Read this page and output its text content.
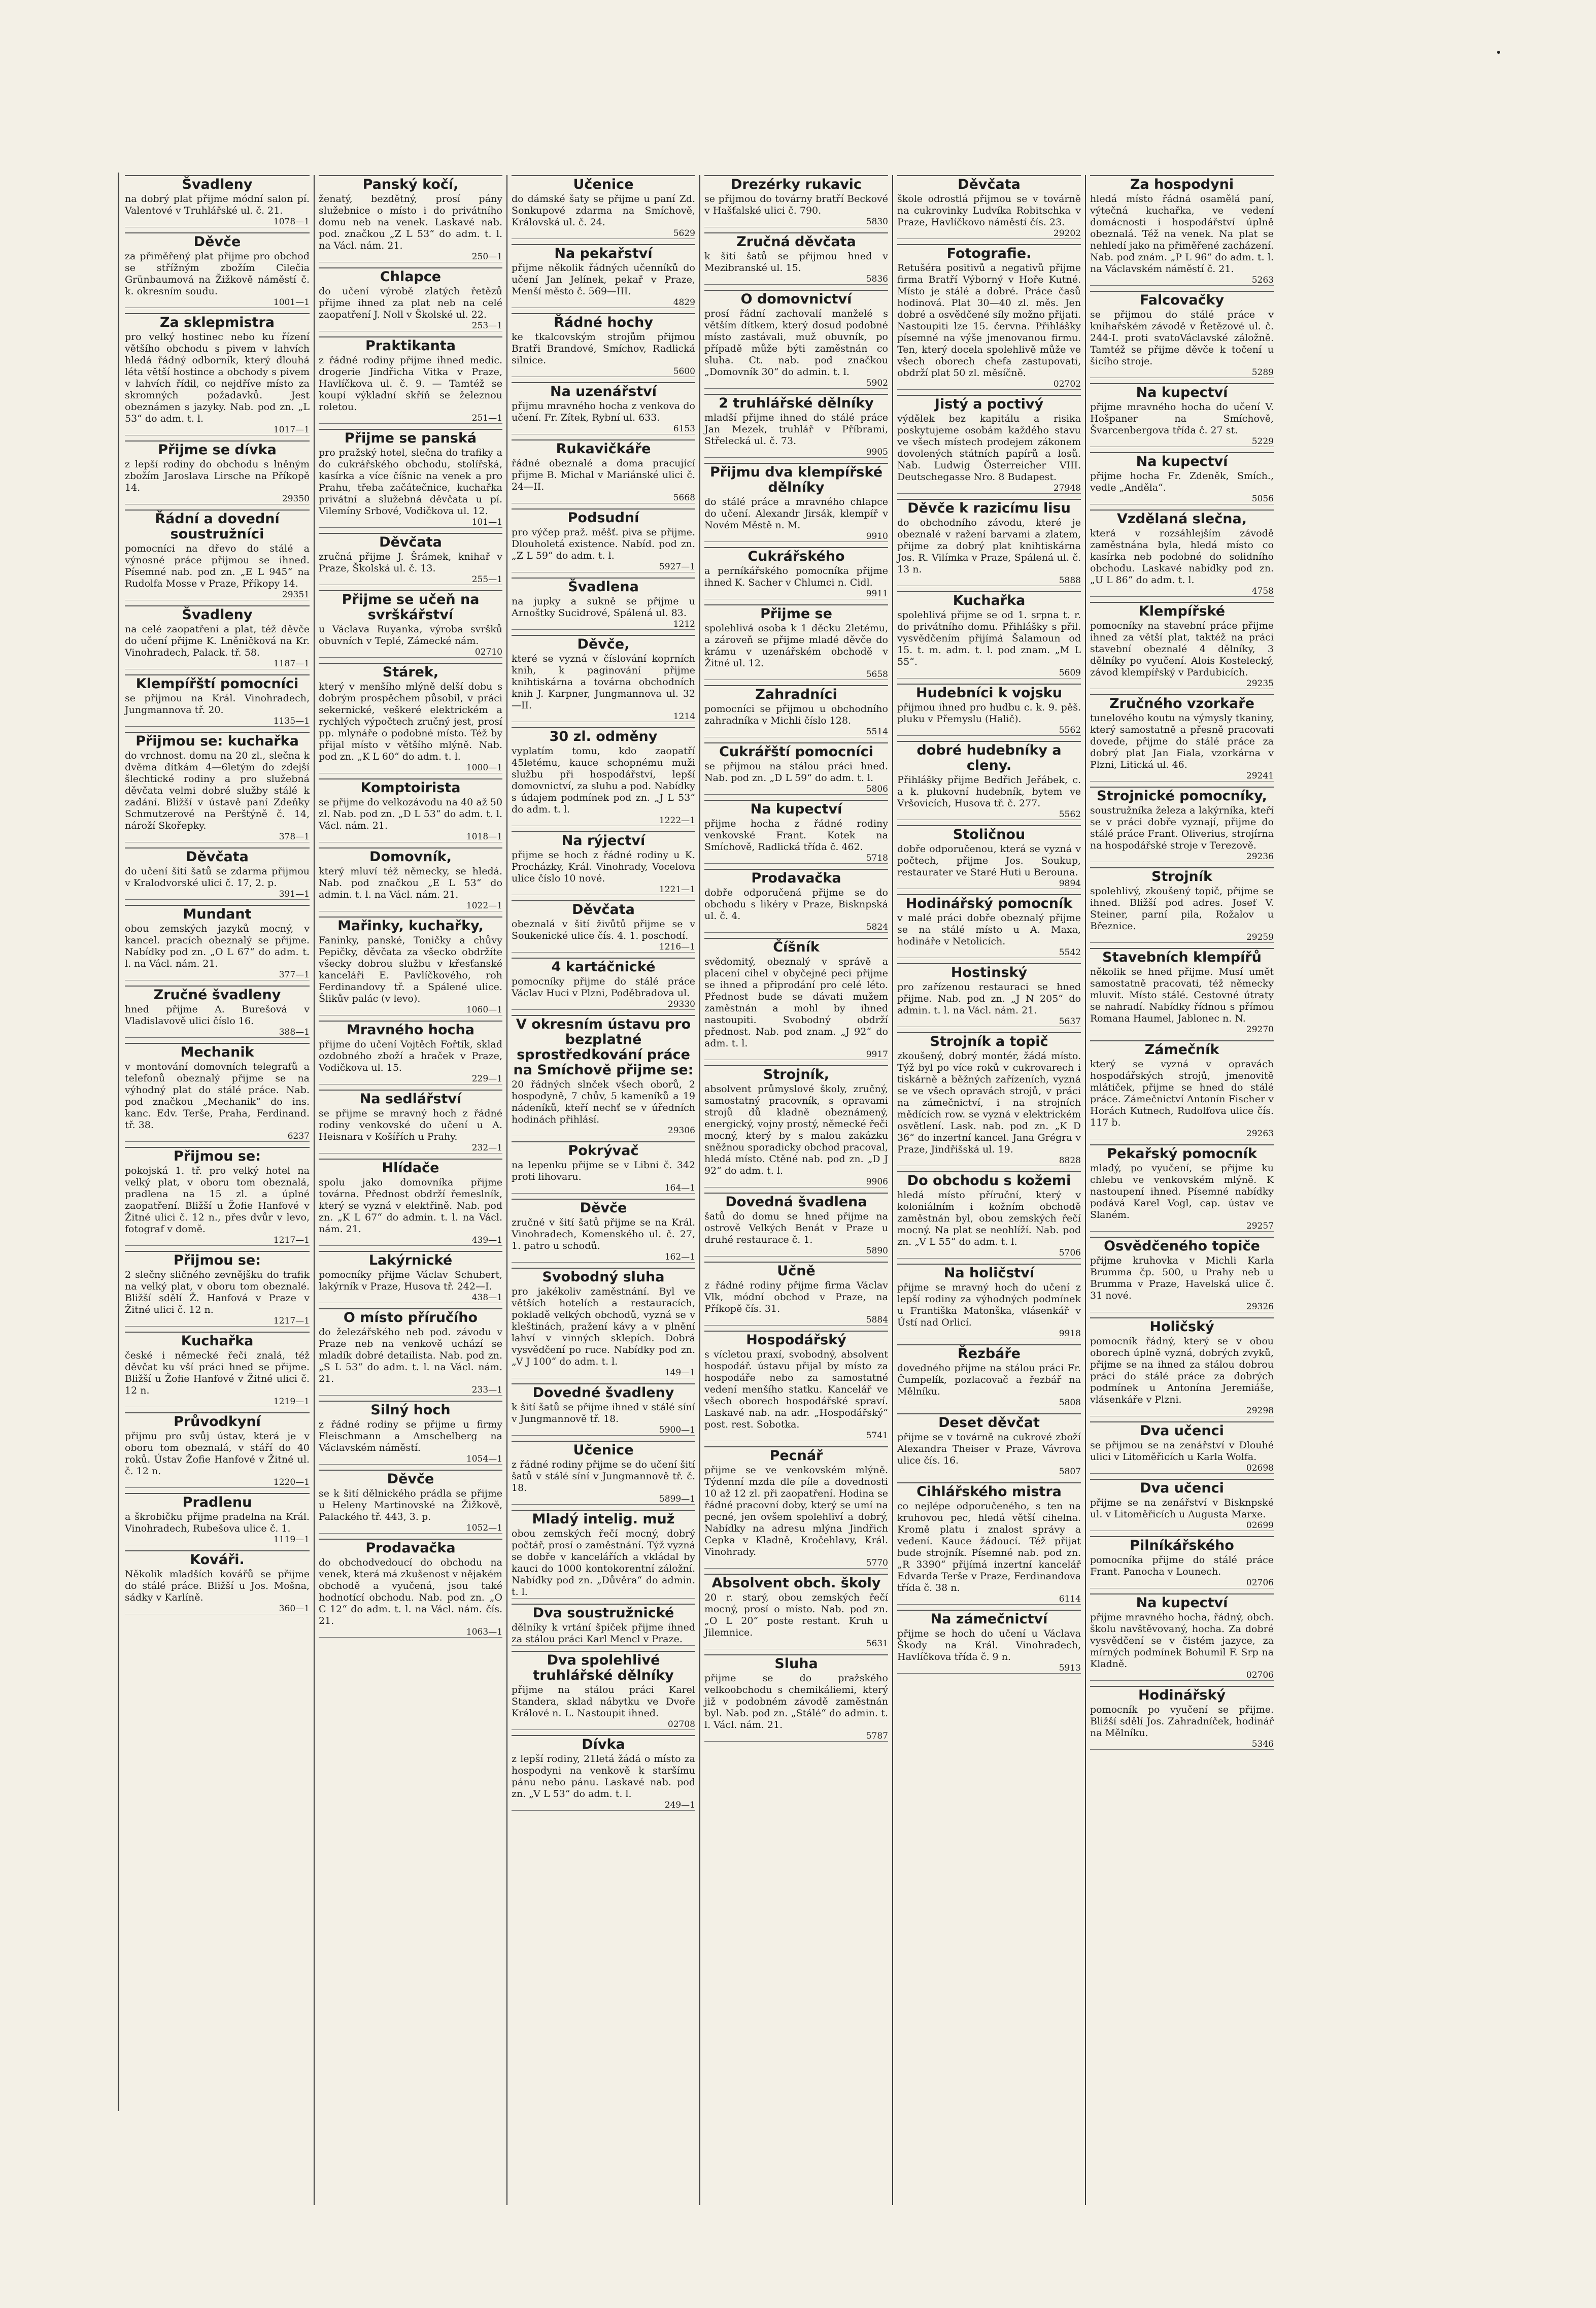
Švadleny

na dobrý plat přijme módní salon pí. Valentové v Truhlářské ul. č. 21.

1078—1
Děvče

za přiměřený plat přijme pro obchod se střížným zbožím Cilečia Grünbaumová na Žižkově náměstí č. k. okresním soudu.

1001—1
Za sklepmistra

pro velký hostinec nebo ku řízení většího obchodu s pivem v lahvích hledá řádný odborník, který dlouhá léta větší hostince a obchody s pivem v lahvích řídil, co nejdříve místo za skromných požadavků. Jest obeznámen s jazyky. Nab. pod zn. „L 53“ do adm. t. l.

1017—1
Přijme se dívka

z lepší rodiny do obchodu s lněným zbožím Jaroslava Lirsche na Příkopě 14.

29350
Řádní a dovední soustružníci

pomocníci na dřevo do stálé a výnosné práce přijmou se ihned. Písemné nab. pod zn. „E L 945“ na Rudolfa Mosse v Praze, Příkopy 14.

29351
Švadleny

na celé zaopatření a plat, též děvče do učení přijme K. Lněničková na Kr. Vinohradech, Palack. tř. 58.

1187—1
Klempířští pomocníci

se přijmou na Král. Vinohradech, Jungmannova tř. 20.

1135—1
Přijmou se: kuchařka

do vrchnost. domu na 20 zl., slečna k dvěma dítkám 4—6letým do zdejší šlechtické rodiny a pro služebná děvčata velmi dobré služby stálé k zadání. Bližší v ústavě paní Zdeňky Schmutzerové na Perštýně č. 14, nároží Skořepky.

378—1
Děvčata

do učení šití šatů se zdarma přijmou v Kralodvorské ulici č. 17, 2. p.

391—1
Mundant

obou zemských jazyků mocný, v kancel. pracích obeznalý se přijme. Nabídky pod zn. „O L 67“ do adm. t. l. na Václ. nám. 21.

377—1
Zručné švadleny

hned přijme A. Burešová v Vladislavově ulici číslo 16.

388—1
Mechanik

v montování domovních telegrafů a telefonů obeznalý přijme se na výhodný plat do stálé práce. Nab. pod značkou „Mechanik“ do ins. kanc. Edv. Terše, Praha, Ferdinand. tř. 38.

6237
Přijmou se:

pokojská 1. tř. pro velký hotel na velký plat, v oboru tom obeznalá, pradlena na 15 zl. a úplné zaopatření. Bližší u Žofie Hanfové v Žitné ulici č. 12 n., přes dvůr v levo, fotograf v domě.

1217—1
Přijmou se:

2 slečny sličného zevnějšku do trafik na velký plat, v oboru tom obeznalé. Bližší sdělí Ž. Hanfová v Praze v Žitné ulici č. 12 n.

1217—1
Kuchařka

české i německé řeči znalá, též děvčat ku vší práci hned se přijme. Bližší u Žofie Hanfové v Žitné ulici č. 12 n.

1219—1
Průvodkyní

přijmu pro svůj ústav, která je v oboru tom obeznalá, v stáří do 40 roků. Ústav Žofie Hanfové v Žitné ul. č. 12 n.

1220—1
Pradlenu

a škrobičku přijme pradelna na Král. Vinohradech, Rubešova ulice č. 1.

1119—1
Kováři.

Několik mladších kovářů se přijme do stálé práce. Bližší u Jos. Mošna, sádky v Karlíně.

360—1
Panský kočí,

ženatý, bezdětný, prosí pány služebnice o místo i do privátního domu neb na venek. Laskavé nab. pod. značkou „Z L 53“ do adm. t. l. na Václ. nám. 21.

250—1
Chlapce

do učení výrobě zlatých řetězů přijme ihned za plat neb na celé zaopatření J. Noll v Školské ul. 22.

253—1
Praktikanta

z řádné rodiny přijme ihned medic. drogerie Jindřicha Vitka v Praze, Havlíčkova ul. č. 9. — Tamtéž se koupí výkladní skříň se železnou roletou.

251—1
Přijme se panská

pro pražský hotel, slečna do trafiky a do cukrářského obchodu, stolířská, kasírka a více číšnic na venek a pro Prahu, třeba začátečnice, kuchařka privátní a služebná děvčata u pí. Vilemíny Srbové, Vodičkova ul. 12.

101—1
Děvčata

zručná přijme J. Šrámek, knihař v Praze, Školská ul. č. 13.

255—1
Přijme se učeň na svrškářství

u Václava Ruyanka, výroba svršků obuvních v Teplé, Zámecké nám.

02710
Stárek,

který v menšího mlýně delší dobu s dobrým prospěchem působil, v práci sekernické, veškeré elektrickém a rychlých výpočtech zručný jest, prosí pp. mlynáře o podobné místo. Též by přijal místo v většího mlýně. Nab. pod zn. „K L 60“ do adm. t. l.

1000—1
Komptoirista

se přijme do velkozávodu na 40 až 50 zl. Nab. pod zn. „D L 53“ do adm. t. l. Václ. nám. 21.

1018—1
Domovník,

který mluví též německy, se hledá. Nab. pod značkou „E L 53“ do admin. t. l. na Václ. nám. 21.

1022—1
Mařinky, kuchařky,

Faninky, panské, Toničky a chůvy Pepičky, děvčata za všecko obdržíte všecky dobrou službu v křesťanské kanceláři E. Pavlíčkového, roh Ferdinandovy tř. a Spálené ulice. Šlikův palác (v levo).

1060—1
Mravného hocha

přijme do učení Vojtěch Fořtík, sklad ozdobného zboží a hraček v Praze, Vodičkova ul. 15.

229—1
Na sedlářství

se přijme se mravný hoch z řádné rodiny venkovské do učení u A. Heisnara v Košířích u Prahy.

232—1
Hlídače

spolu jako domovníka přijme továrna. Přednost obdrží řemeslník, který se vyzná v elektřině. Nab. pod zn. „K L 67“ do admin. t. l. na Václ. nám. 21.

439—1
Lakýrnické

pomocníky přijme Václav Schubert, lakýrník v Praze, Husova tř. 242—I.

438—1
O místo příručího

do železářského neb pod. závodu v Praze neb na venkově uchází se mladík dobré detailista. Nab. pod zn. „S L 53“ do adm. t. l. na Václ. nám. 21.

233—1
Silný hoch

z řádné rodiny se přijme u firmy Fleischmann a Amschelberg na Václavském náměstí.

1054—1
Děvče

se k šití dělnického prádla se přijme u Heleny Martinovské na Žižkově, Palackého tř. 443, 3. p.

1052—1
Prodavačka

do obchodvedoucí do obchodu na venek, která má zkušenost v nějakém obchodě a vyučená, jsou také hodnotící obchodu. Nab. pod zn. „O C 12“ do adm. t. l. na Václ. nám. čís. 21.

1063—1
Učenice

do dámské šaty se přijme u paní Zd. Sonkupové zdarma na Smíchově, Královská ul. č. 24.

5629
Na pekařství

přijme několik řádných učenníků do učení Jan Jelínek, pekař v Praze, Menší město č. 569—III.

4829
Řádné hochy

ke tkalcovským strojům přijmou Bratři Brandové, Smíchov, Radlická silnice.

5600
Na uzenářství

přijmu mravného hocha z venkova do učení. Fr. Zítek, Rybní ul. 633.

6153
Rukavičkáře

řádné obeznalé a doma pracující přijme B. Michal v Mariánské ulici č. 24—II.

5668
Podsudní

pro výčep praž. měšť. piva se přijme. Dlouholetá existence. Nabíd. pod zn. „Z L 59“ do adm. t. l.

5927—1
Švadlena

na jupky a sukně se přijme u Arnoštky Sucidrové, Spálená ul. 83.

1212
Děvče,

které se vyzná v číslování koprních knih, k paginování přijme knihtiskárna a továrna obchodních knih J. Karpner, Jungmannova ul. 32—II.

1214
30 zl. odměny

vyplatím tomu, kdo zaopatří 45letému, kauce schopnému muži službu při hospodářství, lepší domovnictví, za sluhu a pod. Nabídky s údajem podmínek pod zn. „J L 53“ do adm. t. l.

1222—1
Na rýjectví

přijme se hoch z řádné rodiny u K. Procházky, Král. Vinohrady, Vocelova ulice číslo 10 nové.

1221—1
Děvčata

obeznalá v šití živůtů přijme se v Soukenické ulice čís. 4. 1. poschodí.

1216—1
4 kartáčnické

pomocníky přijme do stálé práce Václav Huci v Plzni, Poděbradova ul.

29330
V okresním ústavu pro bezplatné sprostředkování práce na Smíchově přijme se:

20 řádných slnček všech oborů, 2 hospodyně, 7 chův, 5 kameníků a 19 nádeníků, kteří nechť se v úředních hodinách přihlásí.

29306
Pokrývač

na lepenku přijme se v Libni č. 342 proti lihovaru.

164—1
Děvče

zručné v šití šatů přijme se na Král. Vinohradech, Komenského ul. č. 27, 1. patro u schodů.

162—1
Svobodný sluha

pro jakékoliv zaměstnání. Byl ve větších hotelích a restauracích, pokladě velkých obchodů, vyzná se v kleštinách, pražení kávy a v plnění lahví v vinných sklepích. Dobrá vysvědčení po ruce. Nabídky pod zn. „V J 100“ do adm. t. l.

149—1
Dovedné švadleny

k šití šatů se přijme ihned v stálé síní v Jungmannově tř. 18.

5900—1
Učenice

z řádné rodiny přijme se do učení šití šatů v stálé síní v Jungmannově tř. č. 18.

5899—1
Mladý intelig. muž

obou zemských řečí mocný, dobrý počtář, prosí o zaměstnání. Týž vyzná se dobře v kancelářích a vkládal by kauci do 1000 kontokorentní záložní. Nabídky pod zn. „Důvěra“ do admin. t. l.

Dva soustružnické

dělníky k vrtání špiček přijme ihned za stálou práci Karl Mencl v Praze.

Dva spolehlivé truhlářské dělníky

přijme na stálou práci Karel Standera, sklad nábytku ve Dvoře Králové n. L. Nastoupit ihned.

02708
Dívka

z lepší rodiny, 21letá žádá o místo za hospodyni na venkově k staršímu pánu nebo pánu. Laskavé nab. pod zn. „V L 53“ do adm. t. l.

249—1
Drezérky rukavic

se přijmou do továrny bratří Beckové v Hašťalské ulici č. 790.

5830
Zručná děvčata

k šití šatů se přijmou hned v Mezibranské ul. 15.

5836
O domovnictví

prosí řádní zachovalí manželé s větším dítkem, který dosud podobné místo zastávali, muž obuvník, po případě může býti zaměstnán co sluha. Ct. nab. pod značkou „Domovník 30“ do admin. t. l.

5902
2 truhlářské dělníky

mladší přijme ihned do stálé práce Jan Mezek, truhlář v Příbrami, Střelecká ul. č. 73.

9905
Přijmu dva klempířské dělníky

do stálé práce a mravného chlapce do učení. Alexandr Jirsák, klempíř v Novém Městě n. M.

9910
Cukrářského

a perníkářského pomocníka přijme ihned K. Sacher v Chlumci n. Cidl.

9911
Přijme se

spolehlivá osoba k 1 děcku 2letému, a zároveň se přijme mladé děvče do krámu v uzenářském obchodě v Žitné ul. 12.

5658
Zahradníci

pomocníci se přijmou u obchodního zahradníka v Michli číslo 128.

5514
Cukrářští pomocníci

se přijmou na stálou práci hned. Nab. pod zn. „D L 59“ do adm. t. l.

5806
Na kupectví

přijme hocha z řádné rodiny venkovské Frant. Kotek na Smíchově, Radlická třída č. 462.

5718
Prodavačka

dobře odporučená přijme se do obchodu s likéry v Praze, Bisknpská ul. č. 4.

5824
Číšník

svědomitý, obeznalý v správě a placení cihel v obyčejné peci přijme se ihned a připrodání pro celé léto. Přednost bude se dávati mužem zaměstnán a mohl by ihned nastoupiti. Svobodný obdrží přednost. Nab. pod znam. „J 92“ do adm. t. l.

9917
Strojník,

absolvent průmyslové školy, zručný, samostatný pracovník, s opravami strojů dů kladně obeznámený, energický, vojny prostý, německé řeči mocný, který by s malou zakázku sněžnou sporadicky obchod pracoval, hledá místo. Ctěné nab. pod zn. „D J 92“ do adm. t. l.

9906
Dovedná švadlena

šatů do domu se hned přijme na ostrově Velkých Benát v Praze u druhé restaurace č. 1.

5890
Učně

z řádné rodiny přijme firma Václav Vlk, módní obchod v Praze, na Příkopě čís. 31.

5884
Hospodářský

s vícletou praxí, svobodný, absolvent hospodář. ústavu přijal by místo za hospodáře nebo za samostatné vedení menšího statku. Kancelář ve všech oborech hospodářské spraví. Laskavé nab. na adr. „Hospodářský“ post. rest. Sobotka.

5741
Pecnář

přijme se ve venkovském mlýně. Týdenní mzda dle píle a dovednosti 10 až 12 zl. při zaopatření. Hodina se řádné pracovní doby, který se umí na pecné, jen ovšem spolehliví a dobrý, Nabídky na adresu mlýna Jindřich Cepka v Kladně, Kročehlavy, Král. Vinohrady.

5770
Absolvent obch. školy

20 r. starý, obou zemských řečí mocný, prosí o místo. Nab. pod zn. „O L 20“ poste restant. Kruh u Jilemnice.

5631
Sluha

přijme se do pražského velkoobchodu s chemikáliemi, který již v podobném závodě zaměstnán byl. Nab. pod zn. „Stálé“ do admin. t. l. Václ. nám. 21.

5787
Děvčata

škole odrostlá přijmou se v továrně na cukrovinky Ludvíka Robitschka v Praze, Havlíčkovo náměstí čís. 23.

29202
Fotografie.

Retušéra positivů a negativů přijme firma Bratří Výborný v Hoře Kutné. Místo je stálé a dobré. Práce časů hodinová. Plat 30—40 zl. měs. Jen dobré a osvědčené síly možno přijati. Nastoupiti lze 15. června. Přihlášky písemné na výše jmenovanou firmu. Ten, který docela spolehlivě může ve všech oborech chefa zastupovati, obdrží plat 50 zl. měsíčně.

02702
Jistý a poctivý

výdělek bez kapitálu a risika poskytujeme osobám každého stavu ve všech místech prodejem zákonem dovolených státních papírů a losů. Nab. Ludwig Österreicher VIII. Deutschegasse Nro. 8 Budapest.

27948
Děvče k razicímu lisu

do obchodního závodu, které je obeznalé v ražení barvami a zlatem, přijme za dobrý plat knihtiskárna Jos. R. Vilímka v Praze, Spálená ul. č. 13 n.

5888
Kuchařka

spolehlivá přijme se od 1. srpna t. r. do privátního domu. Přihlášky s přil. vysvědčením přijímá Šalamoun od 15. t. m. adm. t. l. pod znam. „M L 55“.

5609
Hudebníci k vojsku

přijmou ihned pro hudbu c. k. 9. pěš. pluku v Přemyslu (Halič).

5562
dobré hudebníky a cleny.

Přihlášky přijme Bedřich Jeřábek, c. a k. plukovní hudebník, bytem ve Vršovicích, Husova tř. č. 277.

5562
Stoličnou

dobře odporučenou, která se vyzná v počtech, přijme Jos. Soukup, restaurater ve Staré Huti u Berouna.

9894
Hodinářský pomocník

v malé práci dobře obeznalý přijme se na stálé místo u A. Maxa, hodináře v Netolicích.

5542
Hostinský

pro zařízenou restauraci se hned přijme. Nab. pod zn. „J N 205“ do admin. t. l. na Václ. nám. 21.

5637
Strojník a topič

zkoušený, dobrý montér, žádá místo. Týž byl po více roků v cukrovarech i tiskárně a běžných zařízeních, vyzná se ve všech opravách strojů, v práci na zámečnictví, i na strojních mědících row. se vyzná v elektrickém osvětlení. Lask. nab. pod zn. „K D 36“ do inzertní kancel. Jana Grégra v Praze, Jindřišská ul. 19.

8828
Do obchodu s kožemi

hledá místo příruční, který v koloniálním i kožním obchodě zaměstnán byl, obou zemských řečí mocný. Na plat se neohlíží. Nab. pod zn. „V L 55“ do adm. t. l.

5706
Na holičství

přijme se mravný hoch do učení z lepší rodiny za výhodných podmínek u Františka Matonška, vlásenkář v Ústí nad Orlicí.

9918
Řezbáře

dovedného přijme na stálou práci Fr. Čumpelík, pozlacovač a řezbář na Mělníku.

5808
Deset děvčat

přijme se v továrně na cukrové zboží Alexandra Theiser v Praze, Vávrova ulice čís. 16.

5807
Cihlářského mistra

co nejlépe odporučeného, s ten na kruhovou pec, hledá větší cihelna. Kromě platu i znalost správy a vedení. Kauce žádoucí. Též přijat bude strojník. Písemné nab. pod zn. „R 3390“ přijímá inzertní kancelář Edvarda Terše v Praze, Ferdinandova třída č. 38 n.

6114
Na zámečnictví

přijme se hoch do učení u Václava Škody na Král. Vinohradech, Havlíčkova třída č. 9 n.

5913
Za hospodyni

hledá místo řádná osamělá paní, výtečná kuchařka, ve vedení domácnosti i hospodářství úplně obeznalá. Též na venek. Na plat se nehledí jako na přiměřené zacházení. Nab. pod znám. „P L 96“ do adm. t. l. na Václavském náměstí č. 21.

5263
Falcovačky

se přijmou do stálé práce v knihařském závodě v Řetězové ul. č. 244-I. proti svatoVáclavské záložně. Tamtéž se přijme děvče k točení u šicího stroje.

5289
Na kupectví

přijme mravného hocha do učení V. Hošpaner na Smíchově, Švarcenbergova třída č. 27 st.

5229
Na kupectví

přijme hocha Fr. Zdeněk, Smích., vedle „Anděla“.

5056
Vzdělaná slečna,

která v rozsáhlejším závodě zaměstnána byla, hledá místo co kasírka neb podobné do solidního obchodu. Laskavé nabídky pod zn. „U L 86“ do adm. t. l.

4758
Klempířské

pomocníky na stavební práce přijme ihned za větší plat, taktéž na práci stavební obeznalé 4 dělníky, 3 dělníky po vyučení. Alois Kostelecký, závod klempířský v Pardubicích.

29235
Zručného vzorkaře

tunelového koutu na výmysly tkaniny, který samostatně a přesně pracovati dovede, přijme do stálé práce za dobrý plat Jan Fiala, vzorkárna v Plzni, Litická ul. 46.

29241
Strojnické pomocníky,

soustružníka železa a lakýrníka, kteří se v práci dobře vyznají, přijme do stálé práce Frant. Oliverius, strojírna na hospodářské stroje v Terezově.

29236
Strojník

spolehlivý, zkoušený topič, přijme se ihned. Bližší pod adres. Josef V. Steiner, parní pila, Rožalov u Březnice.

29259
Stavebních klempířů

několik se hned přijme. Musí umět samostatně pracovati, též německy mluvit. Místo stálé. Cestovné útraty se nahradí. Nabídky řídnou s přímou Romana Haumel, Jablonec n. N.

29270
Zámečník

který se vyzná v opravách hospodářských strojů, jmenovitě mlátiček, přijme se hned do stálé práce. Zámečnictví Antonín Fischer v Horách Kutnech, Rudolfova ulice čís. 117 b.

29263
Pekařský pomocník

mladý, po vyučení, se přijme ku chlebu ve venkovském mlýně. K nastoupení ihned. Písemné nabídky podává Karel Vogl, cap. ústav ve Slaném.

29257
Osvědčeného topiče

přijme kruhovka v Michli Karla Brumma čp. 500, u Prahy neb u Brumma v Praze, Havelská ulice č. 31 nové.

29326
Holičský

pomocník řádný, který se v obou oborech úplně vyzná, dobrých zvyků, přijme se na ihned za stálou dobrou práci do stálé práce za dobrých podmínek u Antonína Jeremiáše, vlásenkáře v Plzni.

29298
Dva učenci

se přijmou se na zenářství v Dlouhé ulici v Litoměřicích u Karla Wolfa.

02698
Dva učenci

přijme se na zenářství v Bisknpské ul. v Litoměřicích u Augusta Marxe.

02699
Pilníkářského

pomocníka přijme do stálé práce Frant. Panocha v Lounech.

02706
Na kupectví

přijme mravného hocha, řádný, obch. školu navštěvovaný, hocha. Za dobré vysvědčení se v čistém jazyce, za mírných podmínek Bohumil F. Srp na Kladně.

02706
Hodinářský

pomocník po vyučení se přijme. Bližší sdělí Jos. Zahradníček, hodinář na Mělníku.

5346
